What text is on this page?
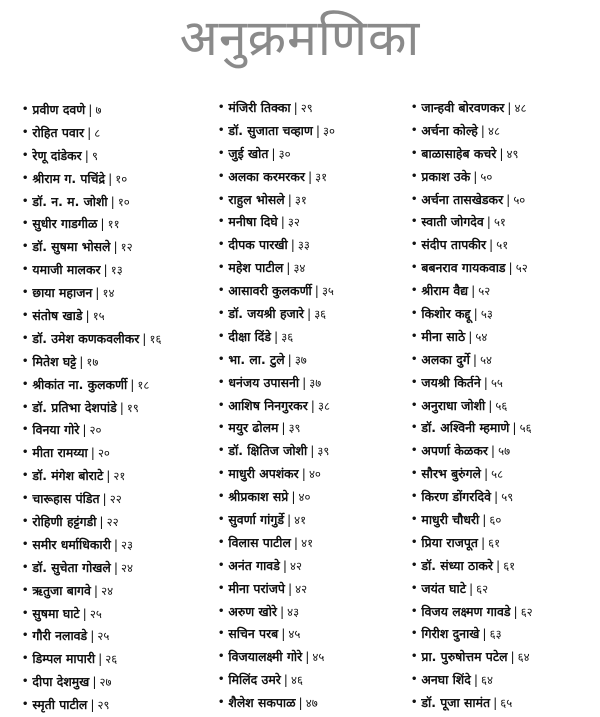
अनुक्रमणिका
• प्रवीण दवणे | ७
• रोहित पवार | ८
• रेणू दांडेकर | ९
• श्रीराम ग. पचिंद्रे | १०
• डॉ. न. म. जोशी | १०
• सुधीर गाडगीळ | ११
• डॉ. सुषमा भोसले | १२
• यमाजी मालकर | १३
• छाया महाजन | १४
• संतोष खाडे | १५
• डॉ. उमेश कणकवलीकर | १६
• मितेश घट्टे | १७
• श्रीकांत ना. कुलकर्णी | १८
• डॉ. प्रतिभा देशपांडे | १९
• विनया गोरे | २०
• मीता रामय्या | २०
• डॉ. मंगेश बोराटे | २१
• चारूहास पंडित | २२
• रोहिणी हट्टंगडी | २२
• समीर धर्माधिकारी | २३
• डॉ. सुचेता गोखले | २४
• ऋतुजा बागवे | २४
• सुषमा घाटे | २५
• गौरी नलावडे | २५
• डिम्पल मापारी | २६
• दीपा देशमुख | २७
• स्मृती पाटील | २९
• मंजिरी तिक्का | २९
• डॉ. सुजाता चव्हाण | ३०
• जुई खोत | ३०
• अलका करमरकर | ३१
• राहुल भोसले | ३१
• मनीषा दिघे | ३२
• दीपक पारखी | ३३
• महेश पाटील | ३४
• आसावरी कुलकर्णी | ३५
• डॉ. जयश्री हजारे | ३६
• दीक्षा दिंडे | ३६
• भा. ला. टुले | ३७
• धनंजय उपासनी | ३७
• आशिष निनगुरकर | ३८
• मयुर ढोलम | ३९
• डॉ. क्षितिज जोशी | ३९
• माधुरी अपशंकर | ४०
• श्रीप्रकाश सप्रे | ४०
• सुवर्णा गांगुर्डे | ४१
• विलास पाटील | ४१
• अनंत गावडे | ४२
• मीना परांजपे | ४२
• अरुण खोरे | ४३
• सचिन परब | ४५
• विजयालक्ष्मी गोरे | ४५
• मिलिंद उमरे | ४६
• शैलेश सकपाळ | ४७
• जान्हवी बोरवणकर | ४८
• अर्चना कोल्हे | ४८
• बाळासाहेब कचरे | ४९
• प्रकाश उके | ५०
• अर्चना तासखेडकर | ५०
• स्वाती जोगदेव | ५१
• संदीप तापकीर | ५१
• बबनराव गायकवाड | ५२
• श्रीराम वैद्य | ५२
• किशोर कद्दू | ५३
• मीना साठे | ५४
• अलका दुर्गे | ५४
• जयश्री किर्तने | ५५
• अनुराधा जोशी | ५६
• डॉ. अश्विनी म्हमाणे | ५६
• अपर्णा केळकर | ५७
• सौरभ बुरुंगले | ५८
• किरण डोंगरदिवे | ५९
• माधुरी चौधरी | ६०
• प्रिया राजपूत | ६१
• डॉ. संध्या ठाकरे | ६१
• जयंत घाटे | ६२
• विजय लक्ष्मण गावडे | ६२
• गिरीश दुनाखे | ६३
• प्रा. पुरुषोत्तम पटेल | ६४
• अनघा शिंदे | ६४
• डॉ. पूजा सामंत | ६५
